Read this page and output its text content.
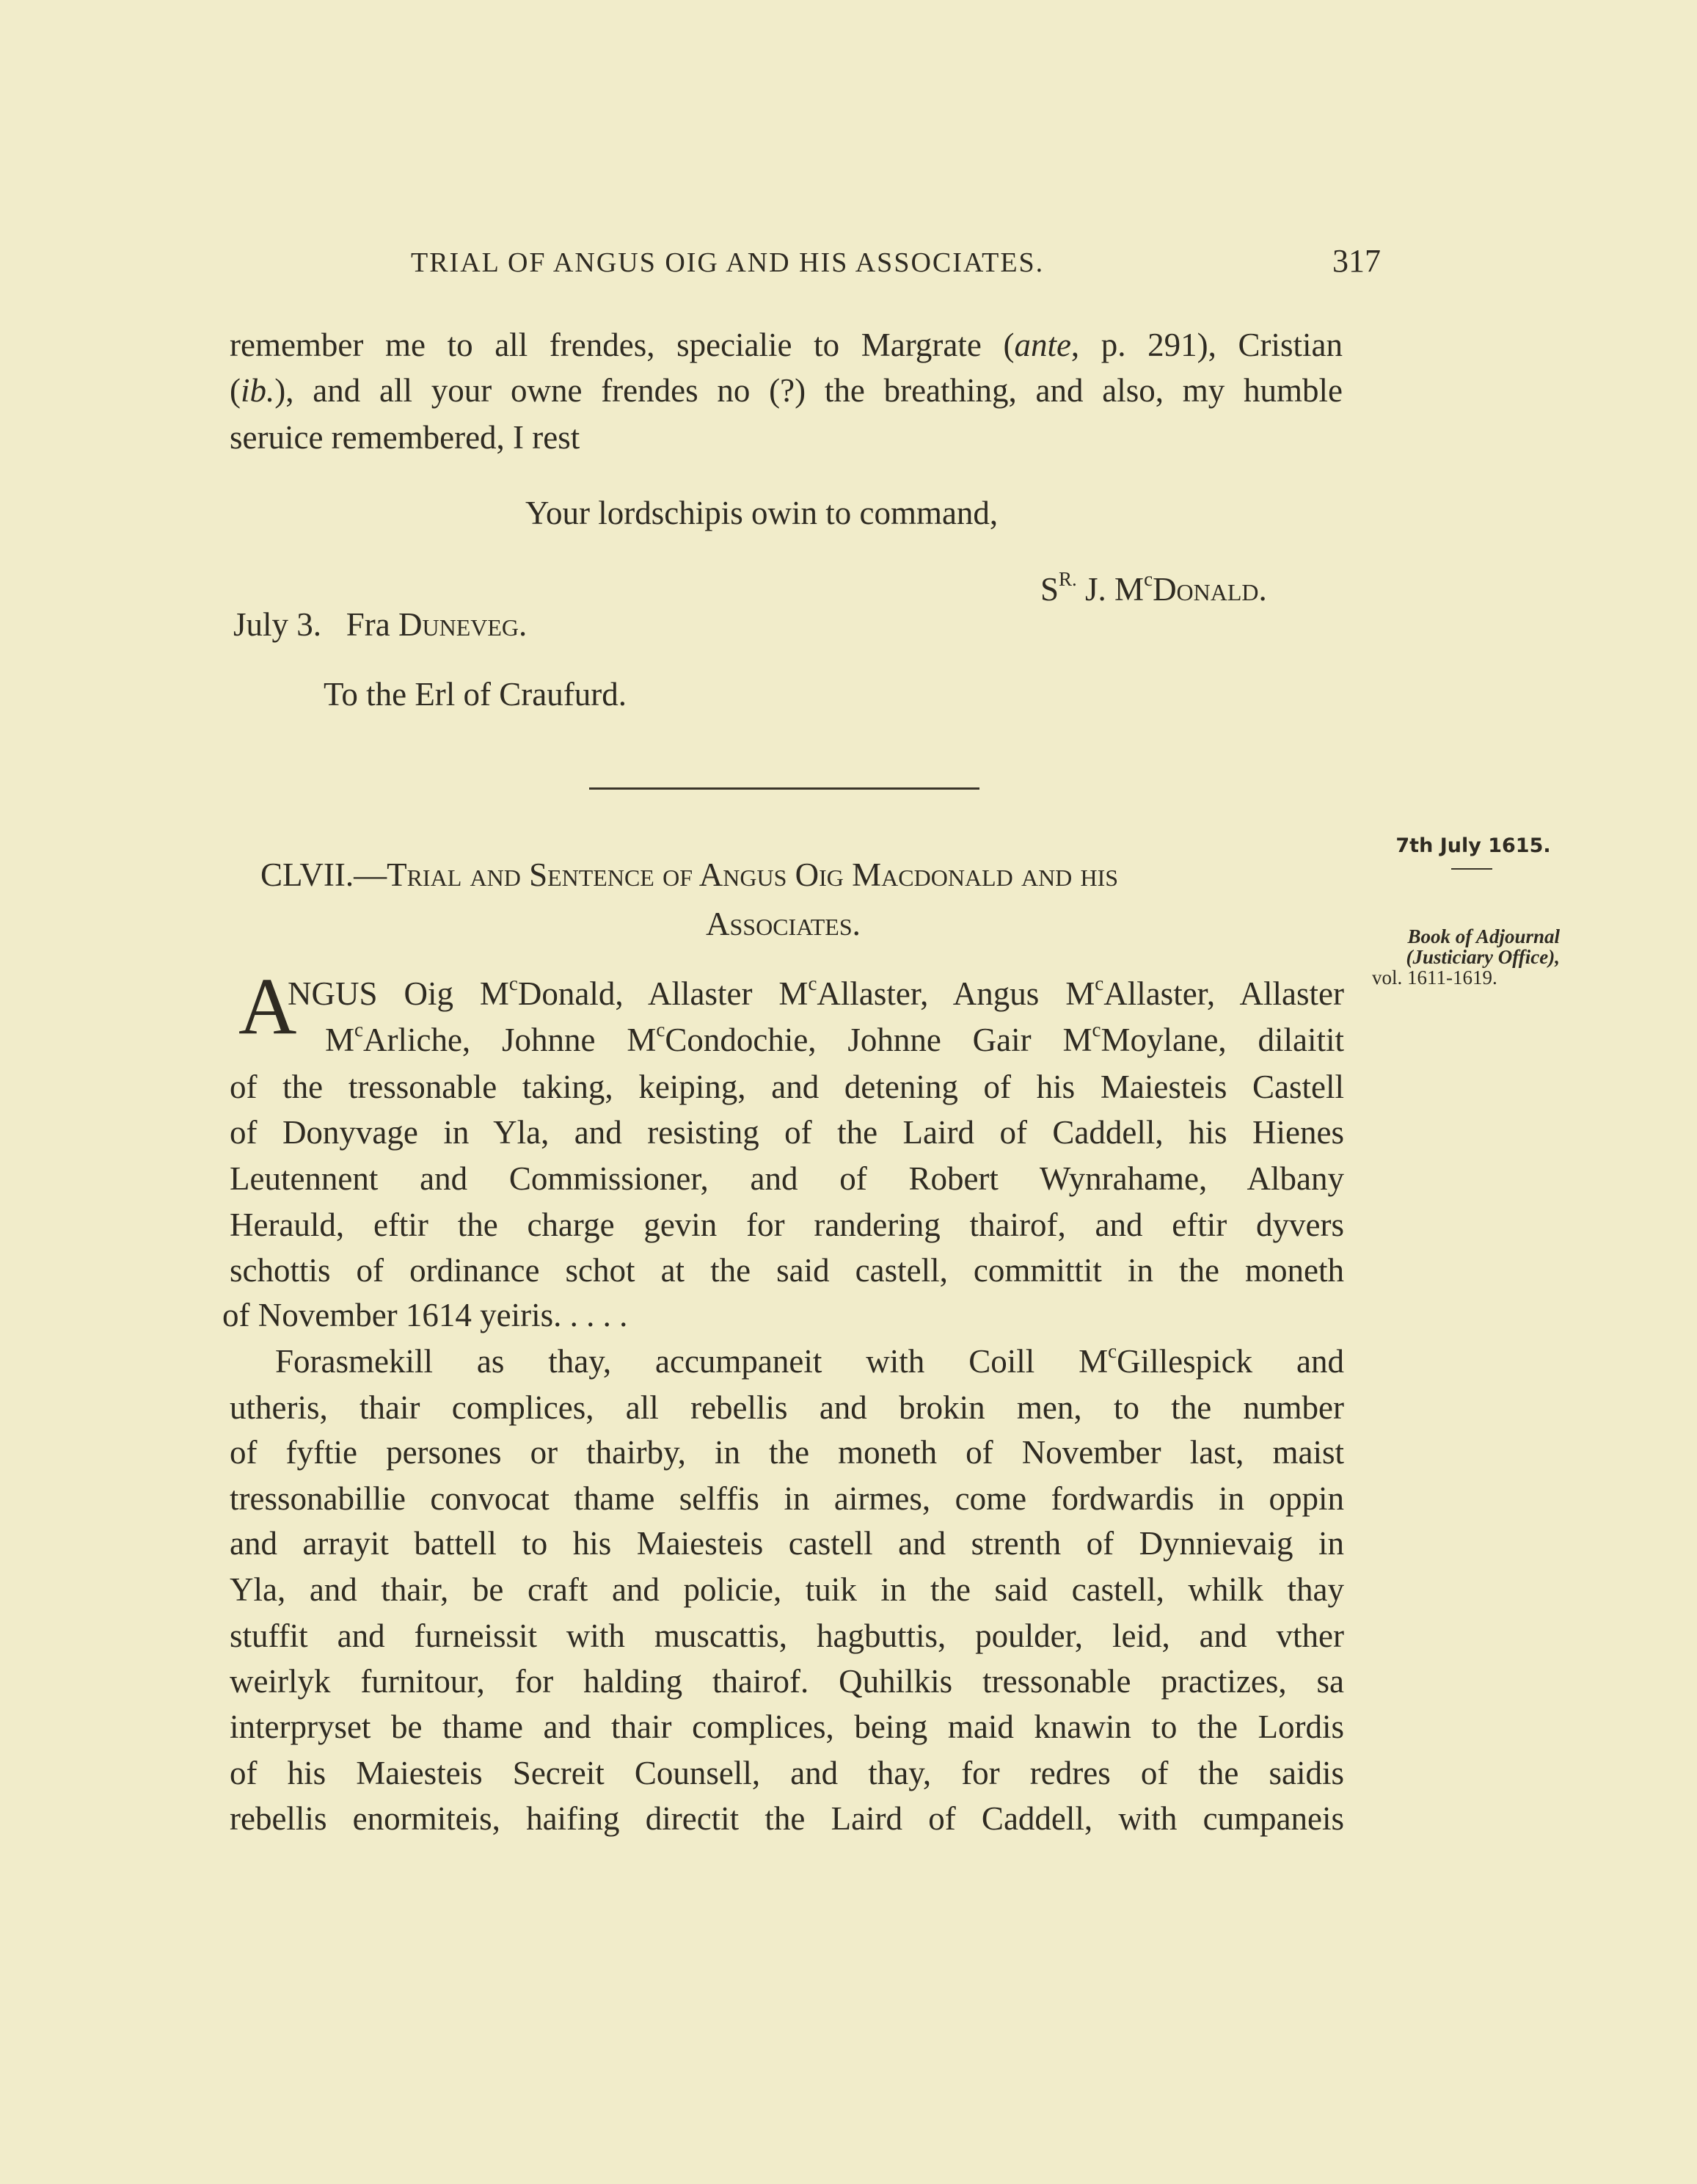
TRIAL OF ANGUS OIG AND HIS ASSOCIATES.	317
remember me to all frendes, specialie to Margrate (ante, p. 291), Cristian
(ib.), and all your owne frendes no (?) the breathing, and also, my humble
seruice remembered, I rest
Your lordschipis owin to command,
$S^{R.}$ J. $M^cDonald$.
July 3.   Fra Duneveg.
To the Erl of Craufurd.
CLVII.—Trial and Sentence of Angus Oig Macdonald and his
Associates.
A
NGUS Oig $M^cDonald$, Allaster $M^cAllaster$, Angus $M^cAllaster$, Allaster
$M^cArliche$, Johnne $M^cCondochie$, Johnne Gair $M^cMoylane$, dilaitit
of the tressonable taking, keiping, and detening of his Maiesteis Castell
of Donyvage in Yla, and resisting of the Laird of Caddell, his Hienes
Leutennent and Commissioner, and of Robert Wynrahame, Albany
Herauld, eftir the charge gevin for randering thairof, and eftir dyvers
schottis of ordinance schot at the said castell, committit in the moneth
of November 1614 yeiris. . . . .
Forasmekill as thay, accumpaneit with Coill $M^cGillespick$ and
utheris, thair complices, all rebellis and brokin men, to the number
of fyftie persones or thairby, in the moneth of November last, maist
tressonabillie convocat thame selffis in airmes, come fordwardis in oppin
and arrayit battell to his Maiesteis castell and strenth of Dynnievaig in
Yla, and thair, be craft and policie, tuik in the said castell, whilk thay
stuffit and furneissit with muscattis, hagbuttis, poulder, leid, and vther
weirlyk furnitour, for halding thairof. Quhilkis tressonable practizes, sa
interpryset be thame and thair complices, being maid knawin to the Lordis
of his Maiesteis Secreit Counsell, and thay, for redres of the saidis
rebellis enormiteis, haifing directit the Laird of Caddell, with cumpaneis
7th July 1615.
Book of Adjournal
(Justiciary Office),
vol. 1611-1619.
